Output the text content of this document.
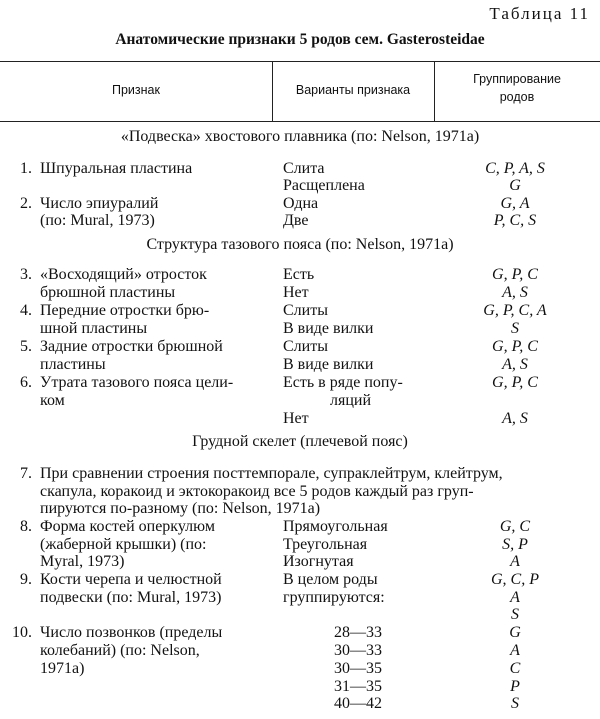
Таблица 11
Анатомические признаки 5 родов сем. Gasterosteidae
Признак	Варианты признака
Группирование
родов
«Подвеска» хвостового плавника (по: Nelson, 1971a)
1. Шпуральная пластина	Слита
Расщеплена
C, P, A, S
G
2. Число эпиуралий
(по: Mural, 1973)
Одна
Две
G, A
P, C, S
Структура тазового пояса (по: Nelson, 1971a)
3. «Восходящий» отросток
брюшной пластины
Есть
Нет
G, P, C
A, S
4. Передние отростки брю-
шной пластины
Слиты
В виде вилки
G, P, C, A
S
5. Задние отростки брюшной
пластины
Слиты
В виде вилки
G, P, C
A, S
6. Утрата тазового пояса цели-
ком
Есть в ряде попу-
ляций
Нет
G, P, C
A, S
Грудной скелет (плечевой пояс)
7. При сравнении строения посттемпорале, супраклейтрум, клейтрум,
скапула, коракоид и эктокоракоид все 5 родов каждый раз груп-
пируются по-разному (по: Nelson, 1971a)
8. Форма костей оперкулюм
(жаберной крышки) (по:
Myral, 1973)
Прямоугольная
Треугольная
Изогнутая
G, C
S, P
A
9. Кости черепа и челюстной
подвески (по: Mural, 1973)
В целом роды
группируются:
G, C, P
A
S
10. Число позвонков (пределы
колебаний) (по: Nelson,
1971a)
28—33
30—33
30—35
31—35
40—42
G
A
C
P
S
